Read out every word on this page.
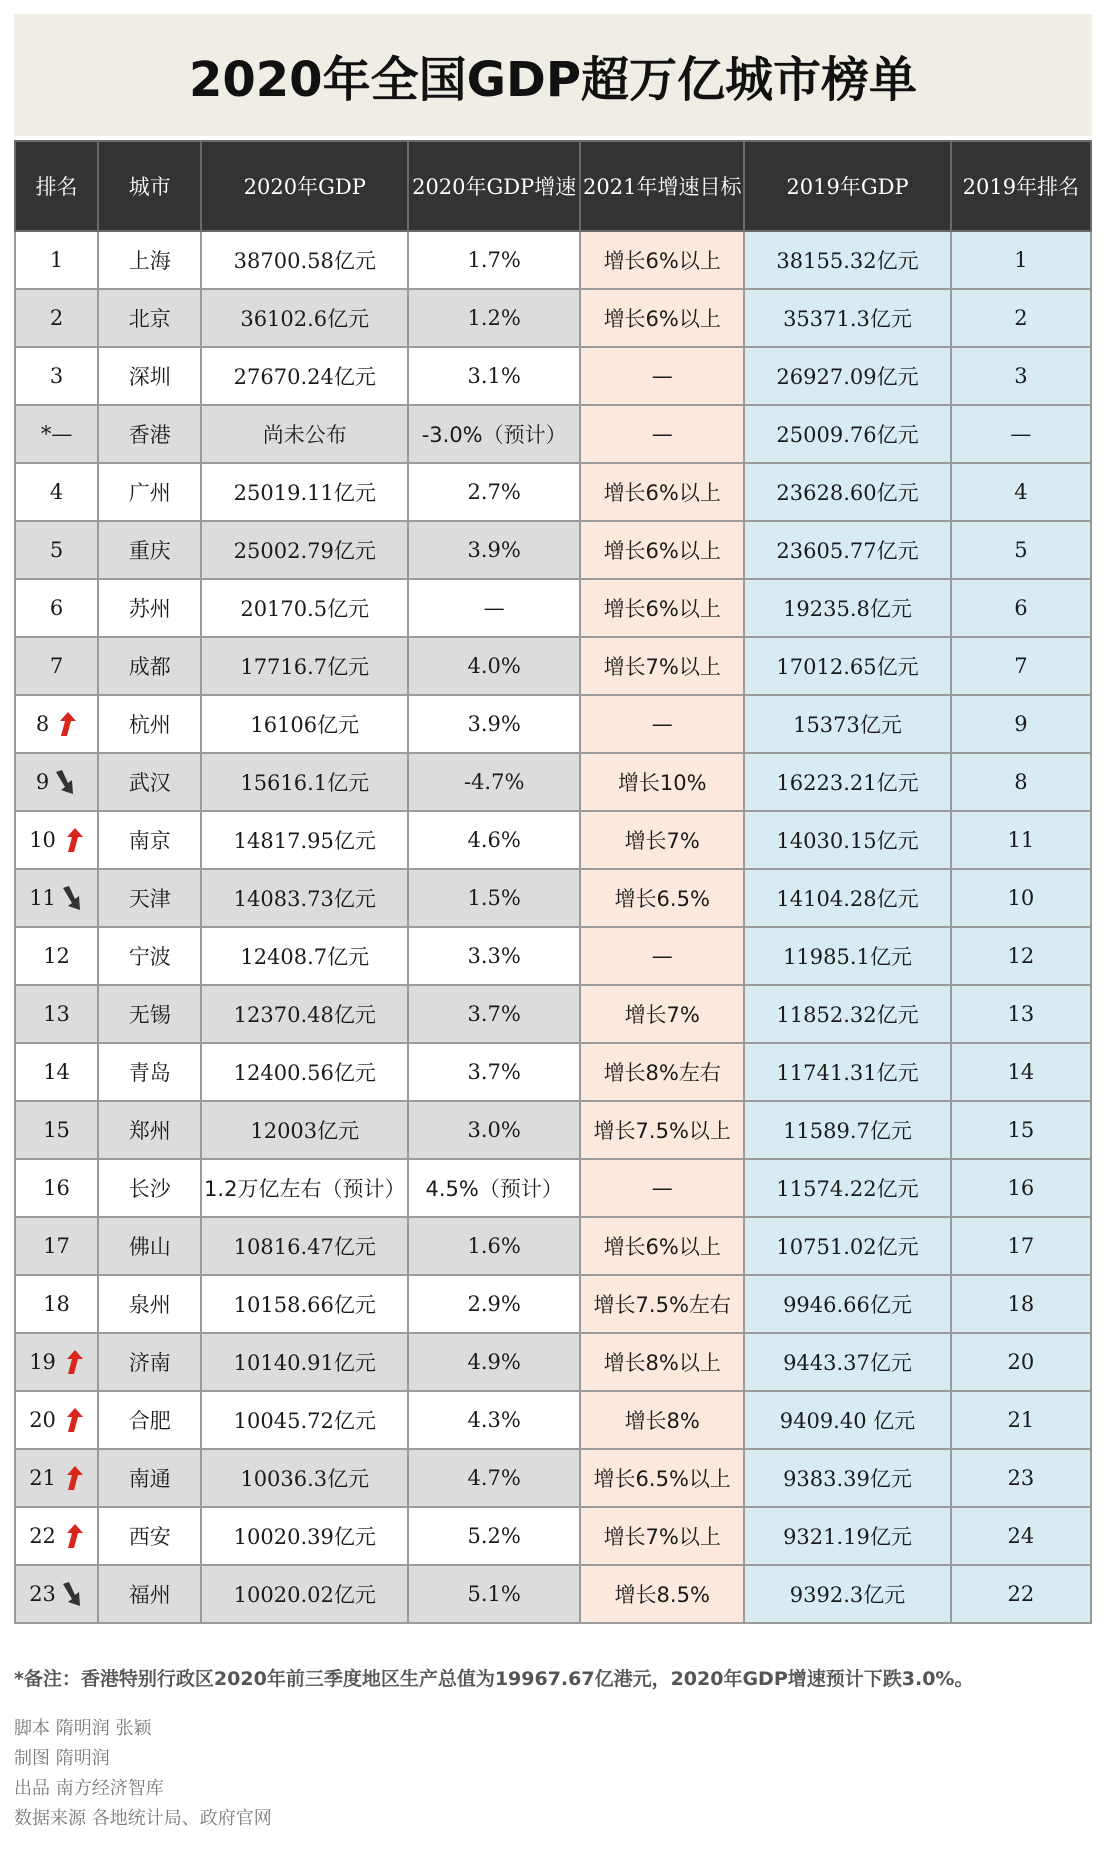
2020年全国GDP超万亿城市榜单
排名	城市	2020年GDP	2020年GDP增速	2021年增速目标	2019年GDP	2019年排名
1	上海	38700.58亿元	1.7%	增长6%以上	38155.32亿元	1
2	北京	36102.6亿元	1.2%	增长6%以上	35371.3亿元	2
3	深圳	27670.24亿元	3.1%	—	26927.09亿元	3
*—	香港	尚未公布	-3.0%（预计）	—	25009.76亿元	—
4	广州	25019.11亿元	2.7%	增长6%以上	23628.60亿元	4
5	重庆	25002.79亿元	3.9%	增长6%以上	23605.77亿元	5
6	苏州	20170.5亿元	—	增长6%以上	19235.8亿元	6
7	成都	17716.7亿元	4.0%	增长7%以上	17012.65亿元	7

8	杭州	16106亿元	3.9%	—	15373亿元	9

9	武汉	15616.1亿元	-4.7%	增长10%	16223.21亿元	8

10	南京	14817.95亿元	4.6%	增长7%	14030.15亿元	11

11	天津	14083.73亿元	1.5%	增长6.5%	14104.28亿元	10
12	宁波	12408.7亿元	3.3%	—	11985.1亿元	12
13	无锡	12370.48亿元	3.7%	增长7%	11852.32亿元	13
14	青岛	12400.56亿元	3.7%	增长8%左右	11741.31亿元	14
15	郑州	12003亿元	3.0%	增长7.5%以上	11589.7亿元	15
16	长沙	1.2万亿左右（预计）	4.5%（预计）	—	11574.22亿元	16
17	佛山	10816.47亿元	1.6%	增长6%以上	10751.02亿元	17
18	泉州	10158.66亿元	2.9%	增长7.5%左右	9946.66亿元	18

19	济南	10140.91亿元	4.9%	增长8%以上	9443.37亿元	20

20	合肥	10045.72亿元	4.3%	增长8%	9409.40 亿元	21

21	南通	10036.3亿元	4.7%	增长6.5%以上	9383.39亿元	23

22	西安	10020.39亿元	5.2%	增长7%以上	9321.19亿元	24

23	福州	10020.02亿元	5.1%	增长8.5%	9392.3亿元	22
*备注：香港特别行政区2020年前三季度地区生产总值为19967.67亿港元，2020年GDP增速预计下跌3.0%。
脚本 隋明润 张颖
制图 隋明润
出品 南方经济智库
数据来源 各地统计局、政府官网
